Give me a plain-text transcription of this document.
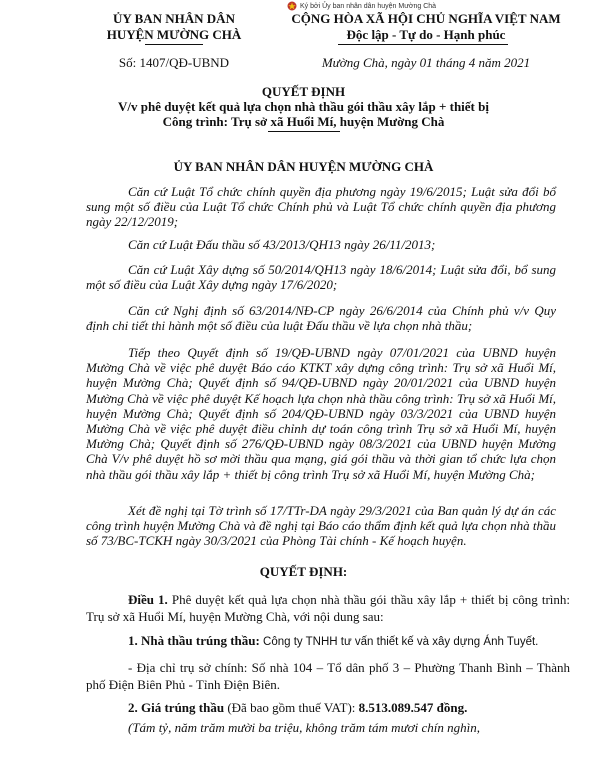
Ký bởi Ủy ban nhân dân huyện Mường Chà
ỦY BAN NHÂN DÂN
HUYỆN MƯỜNG CHÀ
Số: 1407/QĐ-UBND
CỘNG HÒA XÃ HỘI CHỦ NGHĨA VIỆT NAM
Độc lập - Tự do - Hạnh phúc
Mường Chà, ngày 01 tháng 4 năm 2021
QUYẾT ĐỊNH
V/v phê duyệt kết quả lựa chọn nhà thầu gói thầu xây lắp + thiết bị
Công trình: Trụ sở xã Huổi Mí, huyện Mường Chà
ỦY BAN NHÂN DÂN HUYỆN MƯỜNG CHÀ
Căn cứ Luật Tổ chức chính quyền địa phương ngày 19/6/2015; Luật sửa đổi bổ sung một số điều của Luật Tổ chức Chính phủ và Luật Tổ chức chính quyền địa phương ngày 22/12/2019;
Căn cứ Luật Đấu thầu số 43/2013/QH13 ngày 26/11/2013;
Căn cứ Luật Xây dựng số 50/2014/QH13 ngày 18/6/2014; Luật sửa đổi, bổ sung một số điều của Luật Xây dựng ngày 17/6/2020;
Căn cứ Nghị định số 63/2014/NĐ-CP ngày 26/6/2014 của Chính phủ v/v Quy định chi tiết thi hành một số điều của luật Đấu thầu về lựa chọn nhà thầu;
Tiếp theo Quyết định số 19/QĐ-UBND ngày 07/01/2021 của UBND huyện Mường Chà về việc phê duyệt Báo cáo KTKT xây dựng công trình: Trụ sở xã Huổi Mí, huyện Mường Chà; Quyết định số 94/QĐ-UBND ngày 20/01/2021 của UBND huyện Mường Chà về việc phê duyệt Kế hoạch lựa chọn nhà thầu công trình: Trụ sở xã Huổi Mí, huyện Mường Chà; Quyết định số 204/QĐ-UBND ngày 03/3/2021 của UBND huyện Mường Chà về việc phê duyệt điều chỉnh dự toán công trình Trụ sở xã Huổi Mí, huyện Mường Chà; Quyết định số 276/QĐ-UBND ngày 08/3/2021 của UBND huyện Mường Chà V/v phê duyệt hồ sơ mời thầu qua mạng, giá gói thầu và thời gian tổ chức lựa chọn nhà thầu gói thầu xây lắp + thiết bị công trình Trụ sở xã Huổi Mí, huyện Mường Chà;
Xét đề nghị tại Tờ trình số 17/TTr-DA ngày 29/3/2021 của Ban quản lý dự án các công trình huyện Mường Chà và đề nghị tại Báo cáo thẩm định kết quả lựa chọn nhà thầu số 73/BC-TCKH ngày 30/3/2021 của Phòng Tài chính - Kế hoạch huyện.
QUYẾT ĐỊNH:
Điều 1. Phê duyệt kết quả lựa chọn nhà thầu gói thầu xây lắp + thiết bị công trình: Trụ sở xã Huổi Mí, huyện Mường Chà, với nội dung sau:
1. Nhà thầu trúng thầu: Công ty TNHH tư vấn thiết kế và xây dựng Ánh Tuyết.
- Địa chỉ trụ sở chính: Số nhà 104 – Tổ dân phố 3 – Phường Thanh Bình – Thành phố Điện Biên Phủ - Tỉnh Điện Biên.
2. Giá trúng thầu (Đã bao gồm thuế VAT): 8.513.089.547 đồng.
(Tám tỷ, năm trăm mười ba triệu, không trăm tám mươi chín nghìn,
